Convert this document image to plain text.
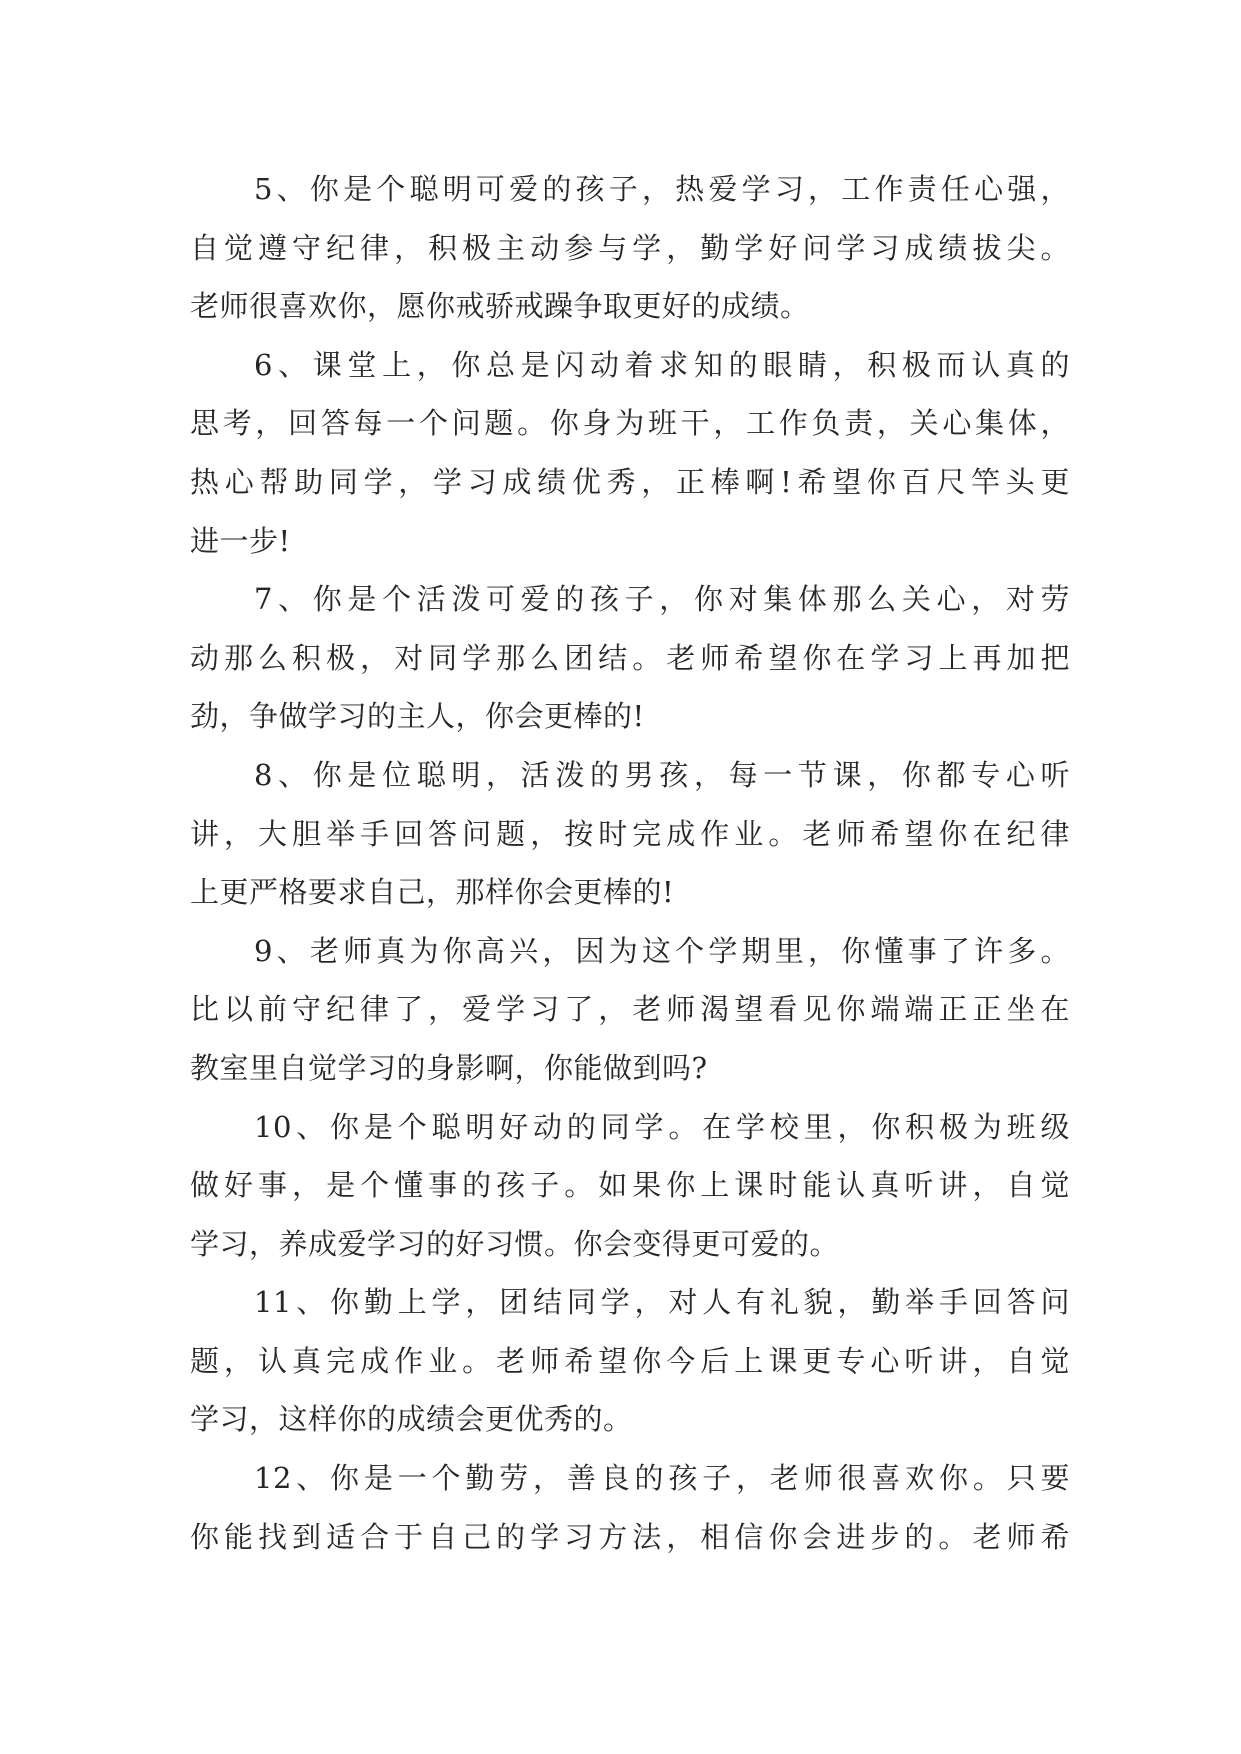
5、你是个聪明可爱的孩子，热爱学习，工作责任心强，
自觉遵守纪律，积极主动参与学，勤学好问学习成绩拔尖。
老师很喜欢你，愿你戒骄戒躁争取更好的成绩。
6、课堂上，你总是闪动着求知的眼睛，积极而认真的
思考，回答每一个问题。你身为班干，工作负责，关心集体，
热心帮助同学，学习成绩优秀，正棒啊!希望你百尺竿头更
进一步!
7、你是个活泼可爱的孩子，你对集体那么关心，对劳
动那么积极，对同学那么团结。老师希望你在学习上再加把
劲，争做学习的主人，你会更棒的!
8、你是位聪明，活泼的男孩，每一节课，你都专心听
讲，大胆举手回答问题，按时完成作业。老师希望你在纪律
上更严格要求自己，那样你会更棒的!
9、老师真为你高兴，因为这个学期里，你懂事了许多。
比以前守纪律了，爱学习了，老师渴望看见你端端正正坐在
教室里自觉学习的身影啊，你能做到吗?
10、你是个聪明好动的同学。在学校里，你积极为班级
做好事，是个懂事的孩子。如果你上课时能认真听讲，自觉
学习，养成爱学习的好习惯。你会变得更可爱的。
11、你勤上学，团结同学，对人有礼貌，勤举手回答问
题，认真完成作业。老师希望你今后上课更专心听讲，自觉
学习，这样你的成绩会更优秀的。
12、你是一个勤劳，善良的孩子，老师很喜欢你。只要
你能找到适合于自己的学习方法，相信你会进步的。老师希
